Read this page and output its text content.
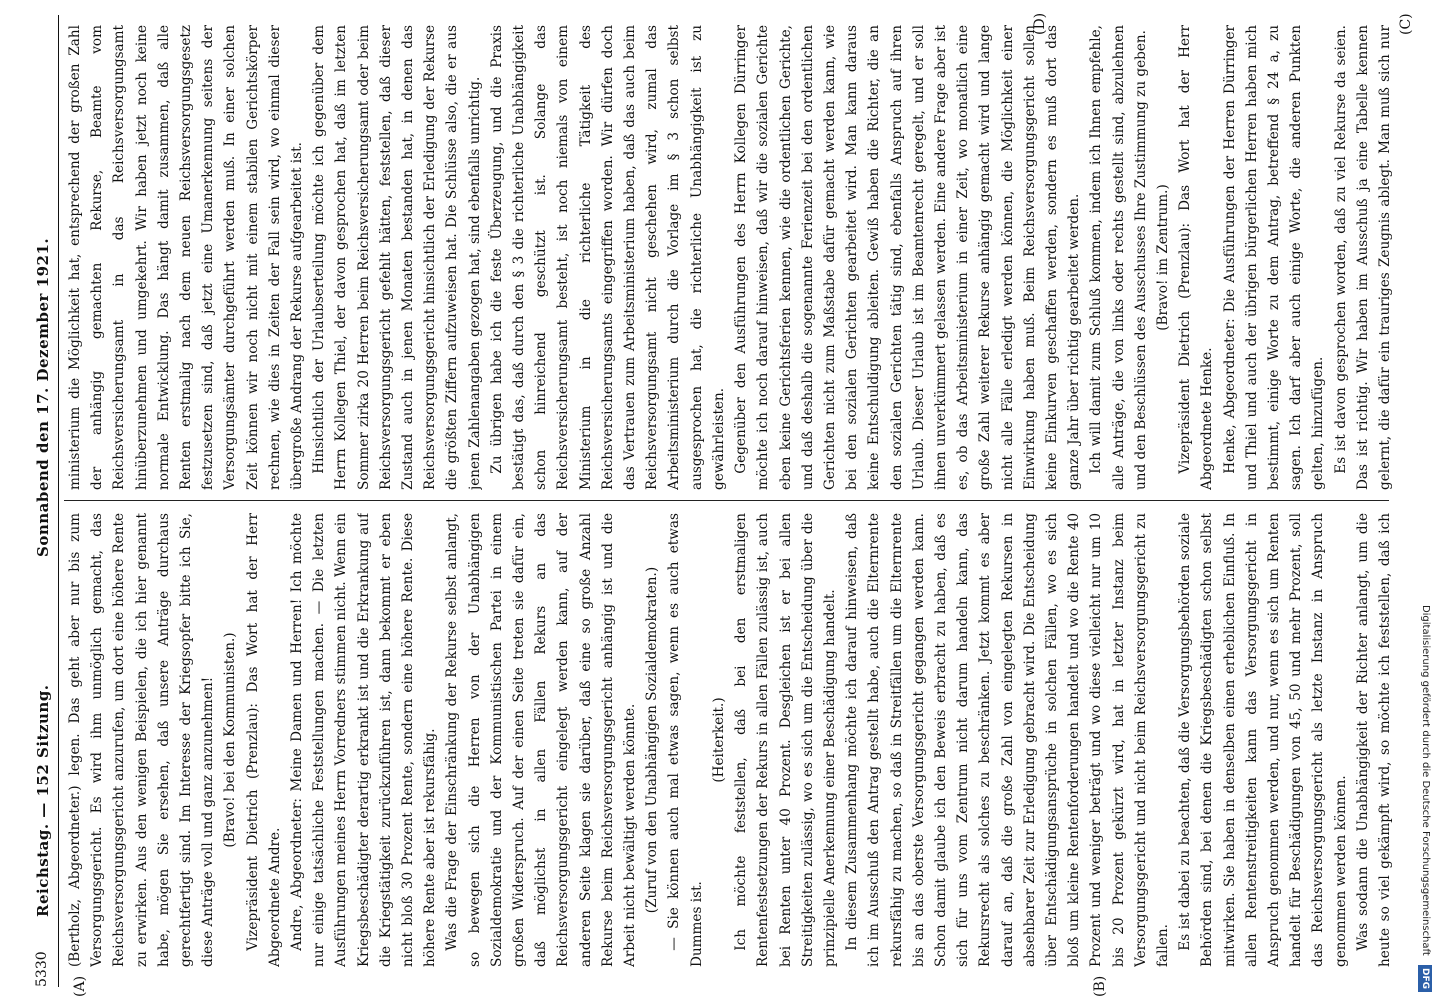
5330
Reichstag. — 152 Sitzung.
Sonnabend den 17. Dezember 1921.
(A)	(B)
(C)
(D)

(Bertholz, Abgeordneter.) legen. Das geht aber nur bis zum Versorgungsgericht. Es wird ihm unmöglich gemacht, das Reichsversorgungsgericht anzurufen, um dort eine höhere Rente zu erwirken. Aus den wenigen Beispielen, die ich hier genannt habe, mögen Sie ersehen, daß unsere Anträge durchaus gerechtfertigt sind. Im Interesse der Kriegsopfer bitte ich Sie, diese Anträge voll und ganz anzunehmen! (Bravo! bei den Kommunisten.) Vizepräsident Dietrich (Prenzlau): Das Wort hat der Herr Abgeordnete Andre. Andre, Abgeordneter: Meine Damen und Herren! Ich möchte nur einige tatsächliche Feststellungen machen. — Die letzten Ausführungen meines Herrn Vorredners stimmen nicht. Wenn ein Kriegsbeschädigter derartig erkrankt ist und die Erkrankung auf die Kriegstätigkeit zurückzuführen ist, dann bekommt er eben nicht bloß 30 Prozent Rente, sondern eine höhere Rente. Diese höhere Rente aber ist rekursfähig. Was die Frage der Einschränkung der Rekurse selbst anlangt, so bewegen sich die Herren von der Unabhängigen Sozialdemokratie und der Kommunistischen Partei in einem großen Widerspruch. Auf der einen Seite treten sie dafür ein, daß möglichst in allen Fällen Rekurs an das Reichsversorgungsgericht eingelegt werden kann, auf der anderen Seite klagen sie darüber, daß eine so große Anzahl Rekurse beim Reichsversorgungsgericht anhängig ist und die Arbeit nicht bewältigt werden könnte. (Zuruf von den Unabhängigen Sozialdemokraten.) — Sie können auch mal etwas sagen, wenn es auch etwas Dummes ist.

(Heiterkeit.) Ich möchte feststellen, daß bei den erstmaligen Rentenfestsetzungen der Rekurs in allen Fällen zulässig ist, auch bei Renten unter 40 Prozent. Desgleichen ist er bei allen Streitigkeiten zulässig, wo es sich um die Entscheidung über die prinzipielle Anerkennung einer Beschädigung handelt. In diesem Zusammenhang möchte ich darauf hinweisen, daß ich im Ausschuß den Antrag gestellt habe, auch die Elternrente rekursfähig zu machen, so daß in Streitfällen um die Elternrente bis an das oberste Versorgungsgericht gegangen werden kann. Schon damit glaube ich den Beweis erbracht zu haben, daß es sich für uns vom Zentrum nicht darum handeln kann, das Rekursrecht als solches zu beschränken. Jetzt kommt es aber darauf an, daß die große Zahl von eingelegten Rekursen in absehbarer Zeit zur Erledigung gebracht wird. Die Entscheidung über Entschädigungsansprüche in solchen Fällen, wo es sich bloß um kleine Rentenforderungen handelt und wo die Rente 40 Prozent und weniger beträgt und wo diese vielleicht nur um 10 bis 20 Prozent gekürzt wird, hat in letzter Instanz beim Versorgungsgericht und nicht beim Reichsversorgungsgericht zu fallen. Es ist dabei zu beachten, daß die Versorgungsbehörden soziale Behörden sind, bei denen die Kriegsbeschädigten schon selbst mitwirken. Sie haben in denselben einen erheblichen Einfluß. In allen Rentenstreitigkeiten kann das Versorgungsgericht in Anspruch genommen werden, und nur, wenn es sich um Renten handelt für Beschädigungen von 45, 50 und mehr Prozent, soll das Reichsversorgungsgericht als letzte Instanz in Anspruch genommen werden können. Was sodann die Unabhängigkeit der Richter anlangt, um die heute so viel gekämpft wird, so möchte ich feststellen, daß ich

ministerium die Möglichkeit hat, entsprechend der großen Zahl der anhängig gemachten Rekurse, Beamte vom Reichsversicherungsamt in das Reichsversorgungsamt hinüberzunehmen und umgekehrt. Wir haben jetzt noch keine normale Entwicklung. Das hängt damit zusammen, daß alle Renten erstmalig nach dem neuen Reichsversorgungsgesetz festzusetzen sind, daß jetzt eine Umanerkennung seitens der Versorgungsämter durchgeführt werden muß. In einer solchen Zeit können wir noch nicht mit einem stabilen Gerichtskörper rechnen, wie dies in Zeiten der Fall sein wird, wo einmal dieser übergroße Andrang der Rekurse aufgearbeitet ist. Hinsichtlich der Urlaubserteilung möchte ich gegenüber dem Herrn Kollegen Thiel, der davon gesprochen hat, daß im letzten Sommer zirka 20 Herren beim Reichsversicherungsamt oder beim Reichsversorgungsgericht gefehlt hätten, feststellen, daß dieser Zustand auch in jenen Monaten bestanden hat, in denen das Reichsversorgungsgericht hinsichtlich der Erledigung der Rekurse die größten Ziffern aufzuweisen hat. Die Schlüsse also, die er aus jenen Zahlenangaben gezogen hat, sind ebenfalls unrichtig. Zu übrigen habe ich die feste Überzeugung, und die Praxis bestätigt das, daß durch den § 3 die richterliche Unabhängigkeit schon hinreichend geschützt ist. Solange das Reichsversicherungsamt besteht, ist noch niemals von einem Ministerium in die richterliche Tätigkeit des Reichsversicherungsamts eingegriffen worden. Wir dürfen doch das Vertrauen zum Arbeitsministerium haben, daß das auch beim Reichsversorgungsamt nicht geschehen wird, zumal das Arbeitsministerium durch die Vorlage im § 3 schon selbst ausgesprochen hat, die richterliche Unabhängigkeit ist zu gewährleisten. Gegenüber den Ausführungen des Herrn Kollegen Dürringer möchte ich noch darauf hinweisen, daß wir die sozialen Gerichte eben keine Gerichtsferien kennen, wie die ordentlichen Gerichte, und daß deshalb die sogenannte Ferienzeit bei den ordentlichen Gerichten nicht zum Maßstabe dafür gemacht werden kann, wie bei den sozialen Gerichten gearbeitet wird. Man kann daraus keine Entschuldigung ableiten. Gewiß haben die Richter, die an den sozialen Gerichten tätig sind, ebenfalls Anspruch auf ihren Urlaub. Dieser Urlaub ist im Beamtenrecht geregelt, und er soll ihnen unverkümmert gelassen werden. Eine andere Frage aber ist es, ob das Arbeitsministerium in einer Zeit, wo monatlich eine große Zahl weiterer Rekurse anhängig gemacht wird und lange nicht alle Fälle erledigt werden können, die Möglichkeit einer Einwirkung haben muß. Beim Reichsversorgungsgericht sollen keine Einkurven geschaffen werden, sondern es muß dort das ganze Jahr über richtig gearbeitet werden. Ich will damit zum Schluß kommen, indem ich Ihnen empfehle, alle Anträge, die von links oder rechts gestellt sind, abzulehnen und den Beschlüssen des Ausschusses Ihre Zustimmung zu geben. (Bravo! im Zentrum.) Vizepräsident Dietrich (Prenzlau): Das Wort hat der Herr Abgeordnete Henke. Henke, Abgeordneter: Die Ausführungen der Herren Dürringer und Thiel und auch der übrigen bürgerlichen Herren haben mich bestimmt, einige Worte zu dem Antrag, betreffend § 24 a, zu sagen. Ich darf aber auch einige Worte, die anderen Punkten gelten, hinzufügen. Es ist davon gesprochen worden, daß zu viel Rekurse da seien. Das ist richtig. Wir haben im Ausschuß ja eine Tabelle kennen gelernt, die dafür ein trauriges Zeugnis ablegt. Man muß sich nur

Digitalisierung gefördert durch die Deutsche Forschungsgemeinschaft DFG
